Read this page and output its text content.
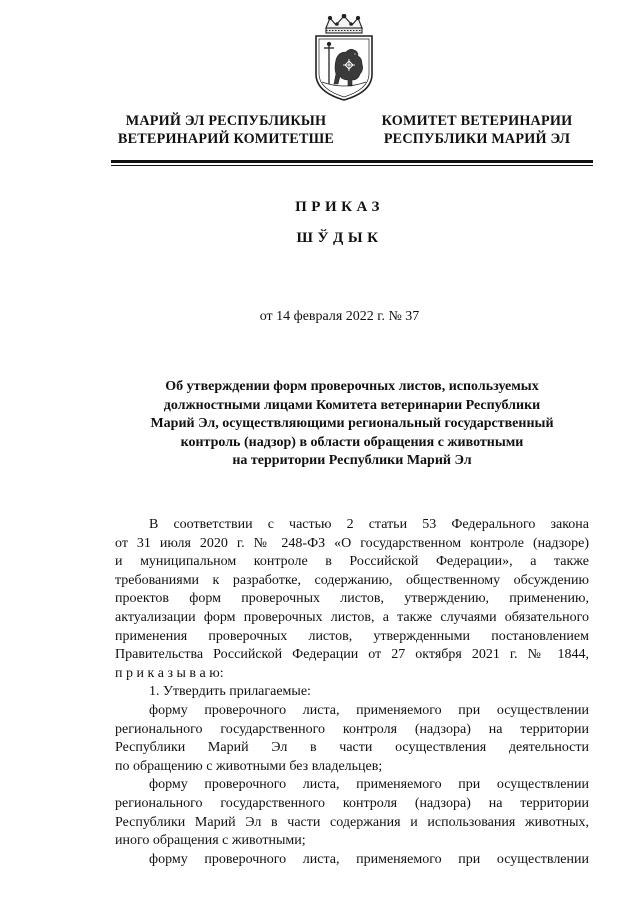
МАРИЙ ЭЛ РЕСПУБЛИКЫН
ВЕТЕРИНАРИЙ КОМИТЕТШЕ
КОМИТЕТ ВЕТЕРИНАРИИ
РЕСПУБЛИКИ МАРИЙ ЭЛ
ПРИКАЗ
ШЎДЫК
от 14 февраля 2022 г. № 37
Об утверждении форм проверочных листов, используемых
должностными лицами Комитета ветеринарии Республики
Марий Эл, осуществляющими региональный государственный
контроль (надзор) в области обращения с животными
на территории Республики Марий Эл
В соответствии с частью 2 статьи 53 Федерального закона
от 31 июля 2020 г. № 248-ФЗ «О государственном контроле (надзоре)
и муниципальном контроле в Российской Федерации», а также
требованиями к разработке, содержанию, общественному обсуждению
проектов форм проверочных листов, утверждению, применению,
актуализации форм проверочных листов, а также случаями обязательного
применения проверочных листов, утвержденными постановлением
Правительства Российской Федерации от 27 октября 2021 г. № 1844,
п р и к а з ы в а ю:
1. Утвердить прилагаемые:
форму проверочного листа, применяемого при осуществлении
регионального государственного контроля (надзора) на территории
Республики Марий Эл в части осуществления деятельности
по обращению с животными без владельцев;
форму проверочного листа, применяемого при осуществлении
регионального государственного контроля (надзора) на территории
Республики Марий Эл в части содержания и использования животных,
иного обращения с животными;
форму проверочного листа, применяемого при осуществлении
